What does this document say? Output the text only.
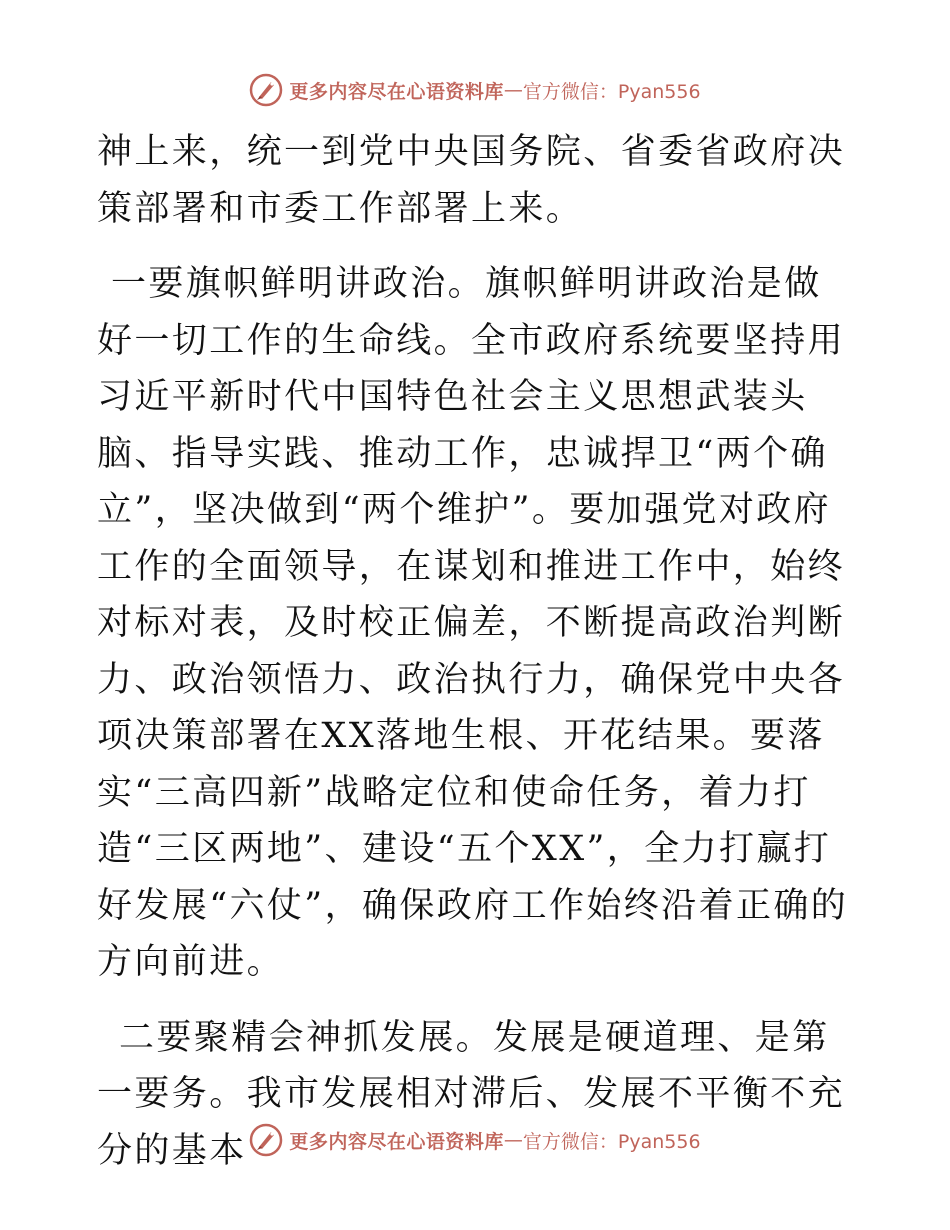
更多内容尽在心语资料库 — 官方微信：Pyan556

神上来，统一到党中央国务院、省委省政府决策部署和市委工作部署上来。

一要旗帜鲜明讲政治。旗帜鲜明讲政治是做好一切工作的生命线。全市政府系统要坚持用习近平新时代中国特色社会主义思想武装头脑、指导实践、推动工作，忠诚捍卫“两个确立”，坚决做到“两个维护”。要加强党对政府工作的全面领导，在谋划和推进工作中，始终对标对表，及时校正偏差，不断提高政治判断力、政治领悟力、政治执行力，确保党中央各项决策部署在XX落地生根、开花结果。要落实“三高四新”战略定位和使命任务，着力打造“三区两地”、建设“五个XX”，全力打赢打好发展“六仗”，确保政府工作始终沿着正确的方向前进。

二要聚精会神抓发展。发展是硬道理、是第一要务。我市发展相对滞后、发展不平衡不充分的基本	更多内容尽在心语资料库 — 官方微信：Pyan556
